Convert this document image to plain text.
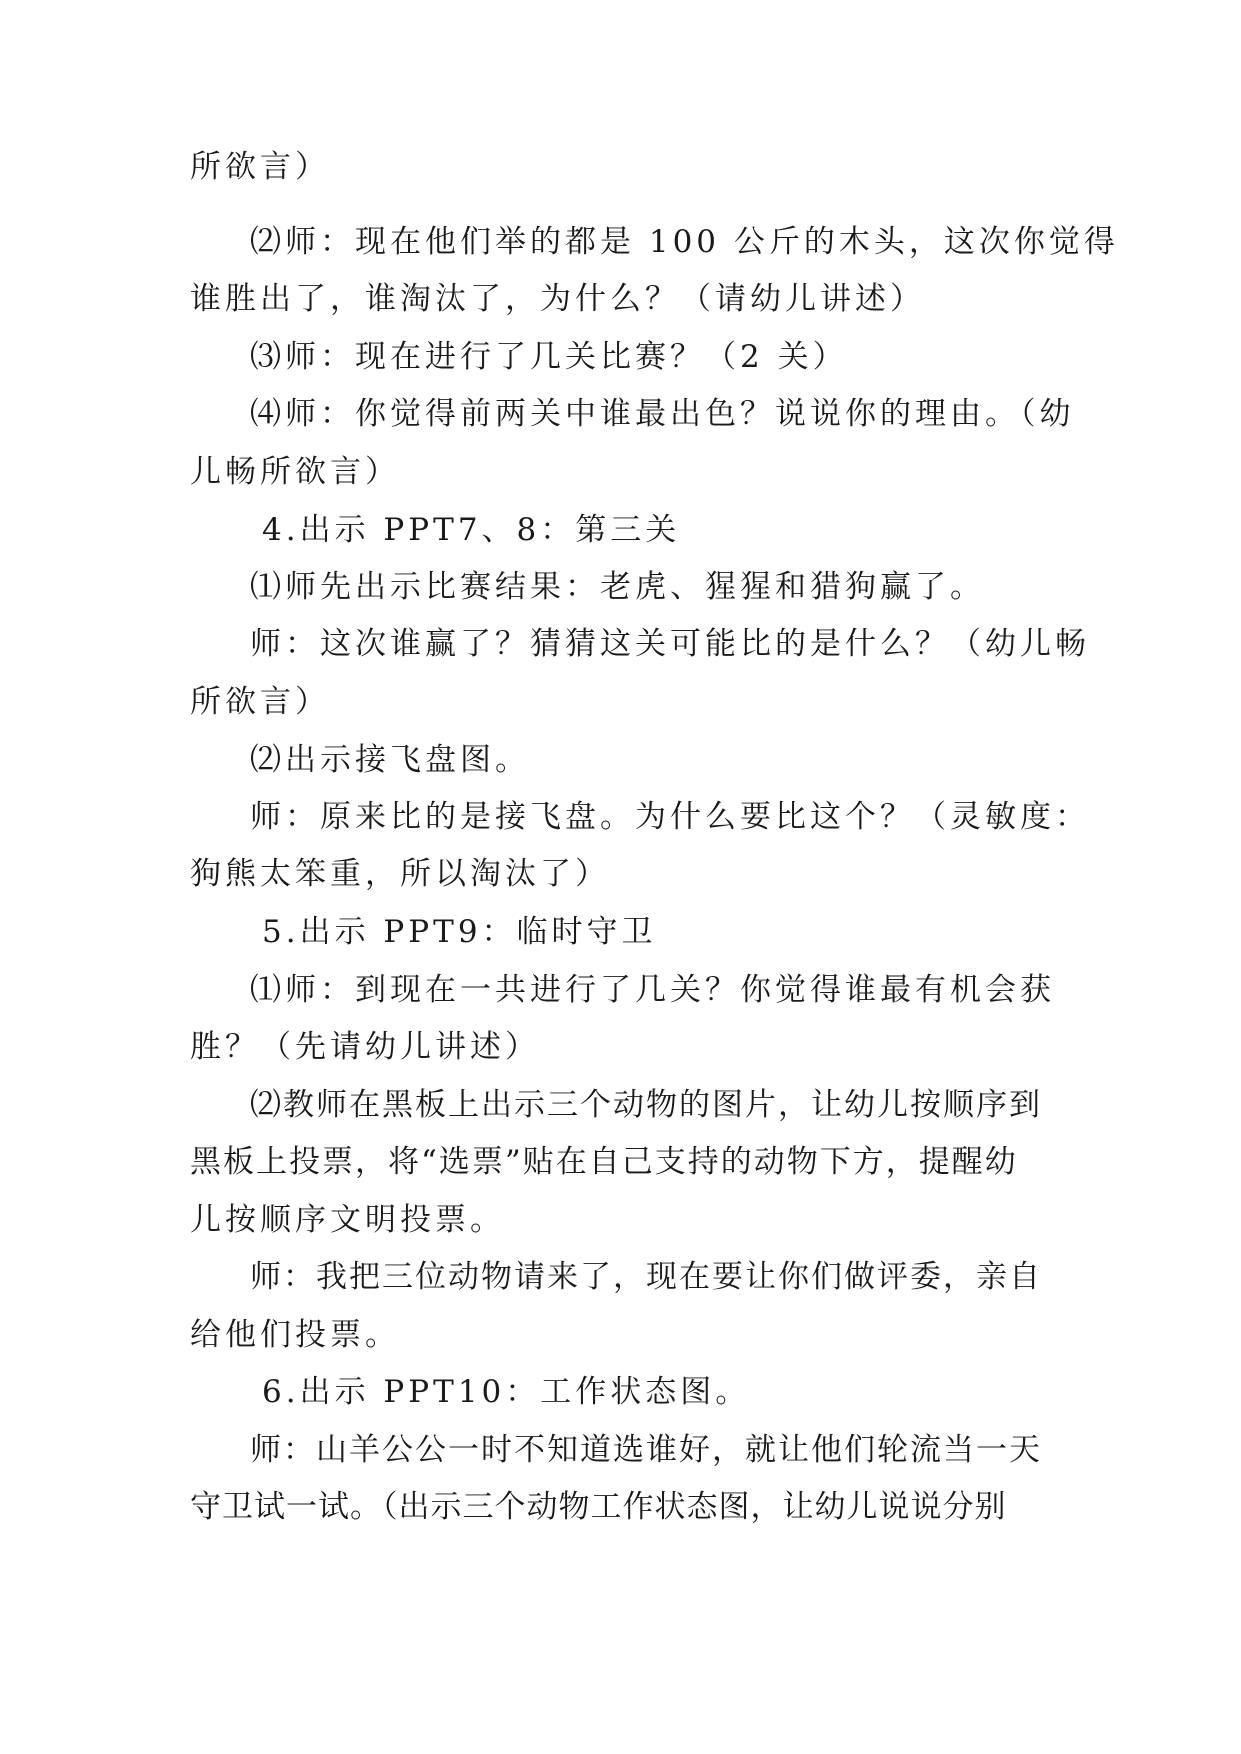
所欲言）

⑵师：现在他们举的都是 100 公斤的木头，这次你觉得

谁胜出了，谁淘汰了，为什么？（请幼儿讲述）

⑶师：现在进行了几关比赛？（2 关）

⑷师：你觉得前两关中谁最出色？说说你的理由。（幼

儿畅所欲言）

4.出示 PPT7、8：第三关

⑴师先出示比赛结果：老虎、猩猩和猎狗赢了。

师：这次谁赢了？猜猜这关可能比的是什么？（幼儿畅

所欲言）

⑵出示接飞盘图。

师：原来比的是接飞盘。为什么要比这个？（灵敏度：

狗熊太笨重，所以淘汰了）

5.出示 PPT9：临时守卫

⑴师：到现在一共进行了几关？你觉得谁最有机会获

胜？（先请幼儿讲述）

⑵教师在黑板上出示三个动物的图片，让幼儿按顺序到

黑板上投票，将“选票”贴在自己支持的动物下方，提醒幼

儿按顺序文明投票。

师：我把三位动物请来了，现在要让你们做评委，亲自

给他们投票。

6.出示 PPT10：工作状态图。

师：山羊公公一时不知道选谁好，就让他们轮流当一天

守卫试一试。（出示三个动物工作状态图，让幼儿说说分别
